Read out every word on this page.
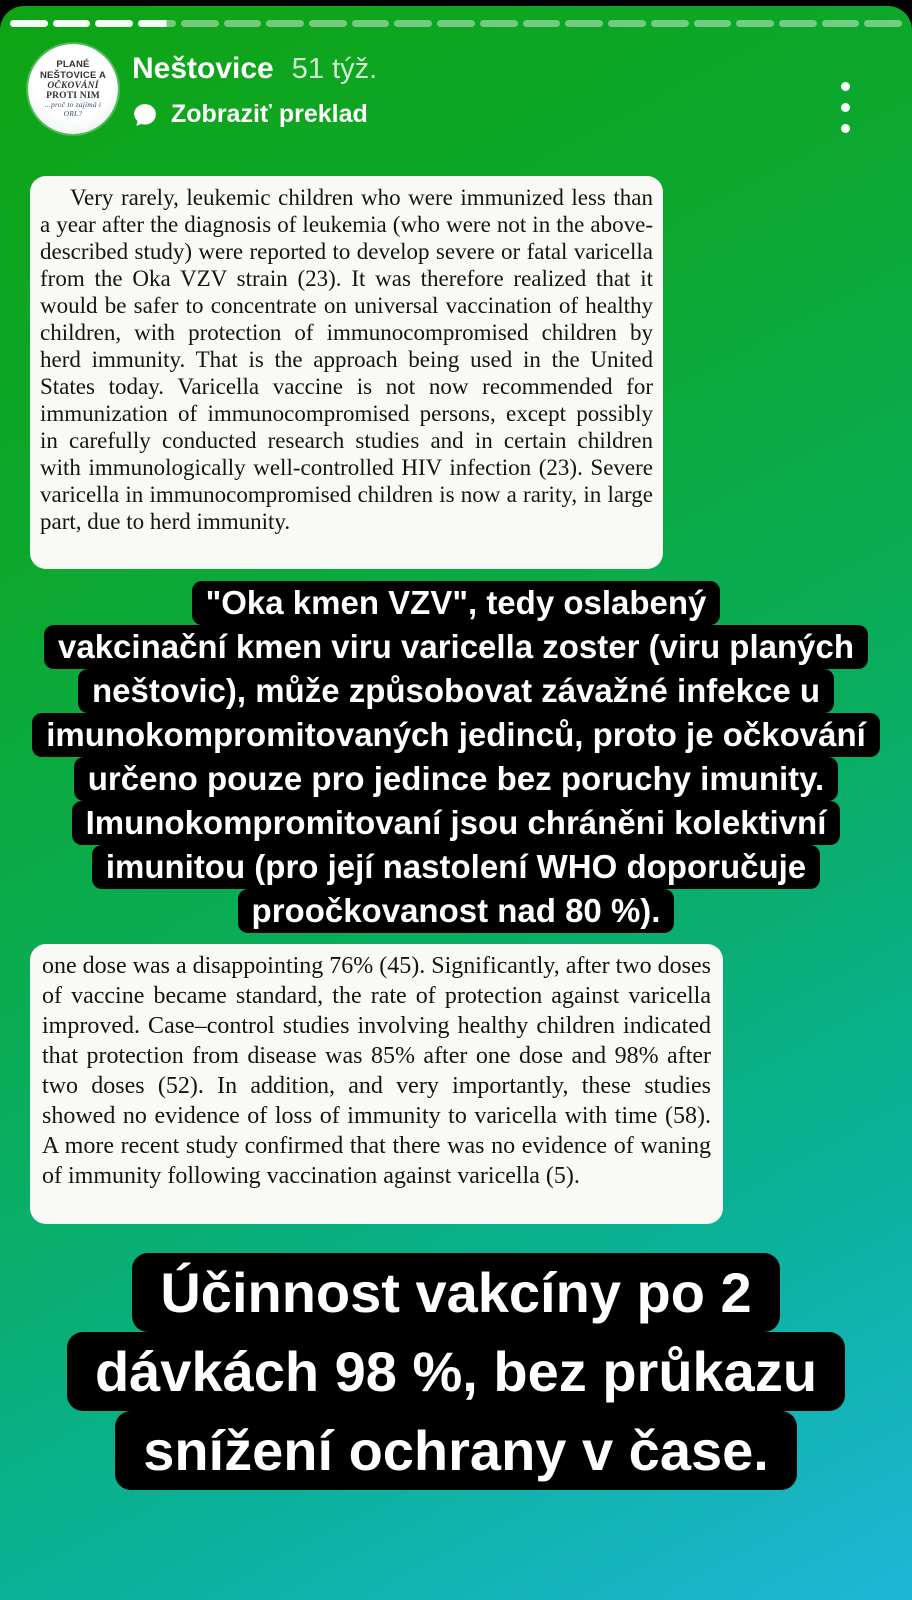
PLANÉ
NEŠTOVICE A
OČKOVÁNÍ
PROTI NIM
...proč to zajímá i
ORL?
Neštovice 51 týž.
Zobraziť preklad

Very rarely, leukemic children who were immunized less than a year after the diagnosis of leukemia (who were not in the above-described study) were reported to develop severe or fatal varicella from the Oka VZV strain (23). It was therefore realized that it would be safer to concentrate on universal vaccination of healthy children, with protection of immunocompromised children by herd immunity. That is the approach being used in the United States today. Varicella vaccine is not now recommended for immunization of immunocompromised persons, except possibly in carefully conducted research studies and in certain children with immunologically well-controlled HIV infection (23). Severe varicella in immunocompromised children is now a rarity, in large part, due to herd immunity.

"Oka kmen VZV", tedy oslabený
vakcinační kmen viru varicella zoster (viru planých
neštovic), může způsobovat závažné infekce u
imunokompromitovaných jedinců, proto je očkování
určeno pouze pro jedince bez poruchy imunity.
Imunokompromitovaní jsou chráněni kolektivní
imunitou (pro její nastolení WHO doporučuje
proočkovanost nad 80 %).

one dose was a disappointing 76% (45). Significantly, after two doses of vaccine became standard, the rate of protection against varicella improved. Case–control studies involving healthy children indicated that protection from disease was 85% after one dose and 98% after two doses (52). In addition, and very importantly, these studies showed no evidence of loss of immunity to varicella with time (58). A more recent study confirmed that there was no evidence of waning of immunity following vaccination against varicella (5).

Účinnost vakcíny po 2
dávkách 98 %, bez průkazu
snížení ochrany v čase.
